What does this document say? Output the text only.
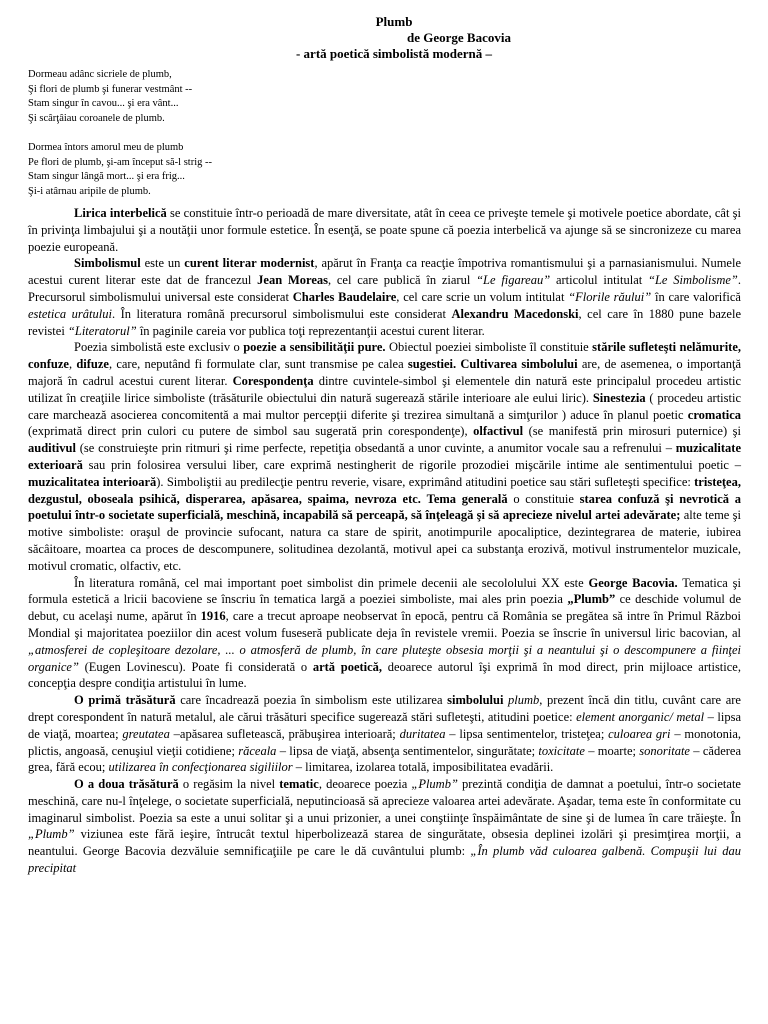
Plumb
de George Bacovia
- artă poetică simbolistă modernă –
Dormeau adânc sicriele de plumb,
Şi flori de plumb şi funerar vestmânt --
Stam singur în cavou... şi era vânt...
Şi scârţâiau coroanele de plumb.
Dormea întors amorul meu de plumb
Pe flori de plumb, şi-am început să-l strig --
Stam singur lângă mort... şi era frig...
Şi-i atârnau aripile de plumb.

Lirica interbelică se constituie într-o perioadă de mare diversitate, atât în ceea ce priveşte temele şi motivele poetice abordate, cât şi în privinţa limbajului şi a noutăţii unor formule estetice. În esenţă, se poate spune că poezia interbelică va ajunge să se sincronizeze cu marea poezie europeană.

Simbolismul este un curent literar modernist, apărut în Franţa ca reacţie împotriva romantismului şi a parnasianismului. Numele acestui curent literar este dat de francezul Jean Moreas, cel care publică în ziarul “Le figareau” articolul intitulat “Le Simbolisme”. Precursorul simbolismului universal este considerat Charles Baudelaire, cel care scrie un volum intitulat “Florile răului” în care valorifică estetica urâtului. În literatura română precursorul simbolismului este considerat Alexandru Macedonski, cel care în 1880 pune bazele revistei “Literatorul” în paginile careia vor publica toţi reprezentanţii acestui curent literar.

Poezia simbolistă este exclusiv o poezie a sensibilităţii pure. Obiectul poeziei simboliste îl constituie stările sufleteşti nelămurite, confuze, difuze, care, neputând fi formulate clar, sunt transmise pe calea sugestiei. Cultivarea simbolului are, de asemenea, o importanţă majoră în cadrul acestui curent literar. Corespondenţa dintre cuvintele-simbol şi elementele din natură este principalul procedeu artistic utilizat în creaţiile lirice simboliste (trăsăturile obiectului din natură sugerează stările interioare ale eului liric). Sinestezia ( procedeu artistic care marchează asocierea concomitentă a mai multor percepţii diferite şi trezirea simultană a simţurilor ) aduce în planul poetic cromatica (exprimată direct prin culori cu putere de simbol sau sugerată prin corespondenţe), olfactivul (se manifestă prin mirosuri puternice) şi auditivul (se construieşte prin ritmuri şi rime perfecte, repetiţia obsedantă a unor cuvinte, a anumitor vocale sau a refrenului – muzicalitate exterioară sau prin folosirea versului liber, care exprimă nestingherit de rigorile prozodiei mişcările intime ale sentimentului poetic – muzicalitatea interioară). Simboliştii au predilecţie pentru reverie, visare, exprimând atitudini poetice sau stări sufleteşti specifice: tristeţea, dezgustul, oboseala psihică, disperarea, apăsarea, spaima, nevroza etc. Tema generală o constituie starea confuză şi nevrotică a poetului într-o societate superficială, meschină, incapabilă să perceapă, să înţeleagă şi să aprecieze nivelul artei adevărate; alte teme şi motive simboliste: oraşul de provincie sufocant, natura ca stare de spirit, anotimpurile apocaliptice, dezintegrarea de materie, iubirea săcâitoare, moartea ca proces de descompunere, solitudinea dezolantă, motivul apei ca substanţa erozivă, motivul instrumentelor muzicale, motivul cromatic, olfactiv, etc.

În literatura română, cel mai important poet simbolist din primele decenii ale secololului XX este George Bacovia. Tematica şi formula estetică a lricii bacoviene se înscriu în tematica largă a poeziei simboliste, mai ales prin poezia „Plumb” ce deschide volumul de debut, cu acelaşi nume, apărut în 1916, care a trecut aproape neobservat în epocă, pentru că România se pregătea să intre în Primul Război Mondial şi majoritatea poeziilor din acest volum fuseseră publicate deja în revistele vremii. Poezia se înscrie în universul liric bacovian, al „atmosferei de copleşitoare dezolare, ... o atmosferă de plumb, în care pluteşte obsesia morţii şi a neantului şi o descompunere a fiinţei organice” (Eugen Lovinescu). Poate fi considerată o artă poetică, deoarece autorul îşi exprimă în mod direct, prin mijloace artistice, concepţia despre condiţia artistului în lume.

O primă trăsătură care încadrează poezia în simbolism este utilizarea simbolului plumb, prezent încă din titlu, cuvânt care are drept corespondent în natură metalul, ale cărui trăsături specifice sugerează stări sufleteşti, atitudini poetice: element anorganic/ metal – lipsa de viaţă, moartea; greutatea –apăsarea sufletească, prăbuşirea interioară; duritatea – lipsa sentimentelor, tristeţea; culoarea gri – monotonia, plictis, angoasă, cenuşiul vieţii cotidiene; răceala – lipsa de viaţă, absenţa sentimentelor, singurătate; toxicitate – moarte; sonoritate – căderea grea, fără ecou; utilizarea în confecţionarea sigiliilor – limitarea, izolarea totală, imposibilitatea evadării.

O a doua trăsătură o regăsim la nivel tematic, deoarece poezia „Plumb” prezintă condiţia de damnat a poetului, într-o societate meschină, care nu-l înţelege, o societate superficială, neputincioasă să aprecieze valoarea artei adevărate. Aşadar, tema este în conformitate cu imaginarul simbolist. Poezia sa este a unui solitar şi a unui prizonier, a unei conştiinţe înspăimântate de sine şi de lumea în care trăieşte. În „Plumb” viziunea este fără ieşire, întrucât textul hiperbolizează starea de singurătate, obsesia deplinei izolări şi presimţirea morţii, a neantului. George Bacovia dezvăluie semnificaţiile pe care le dă cuvântului plumb: „În plumb văd culoarea galbenă. Compuşii lui dau precipitat
